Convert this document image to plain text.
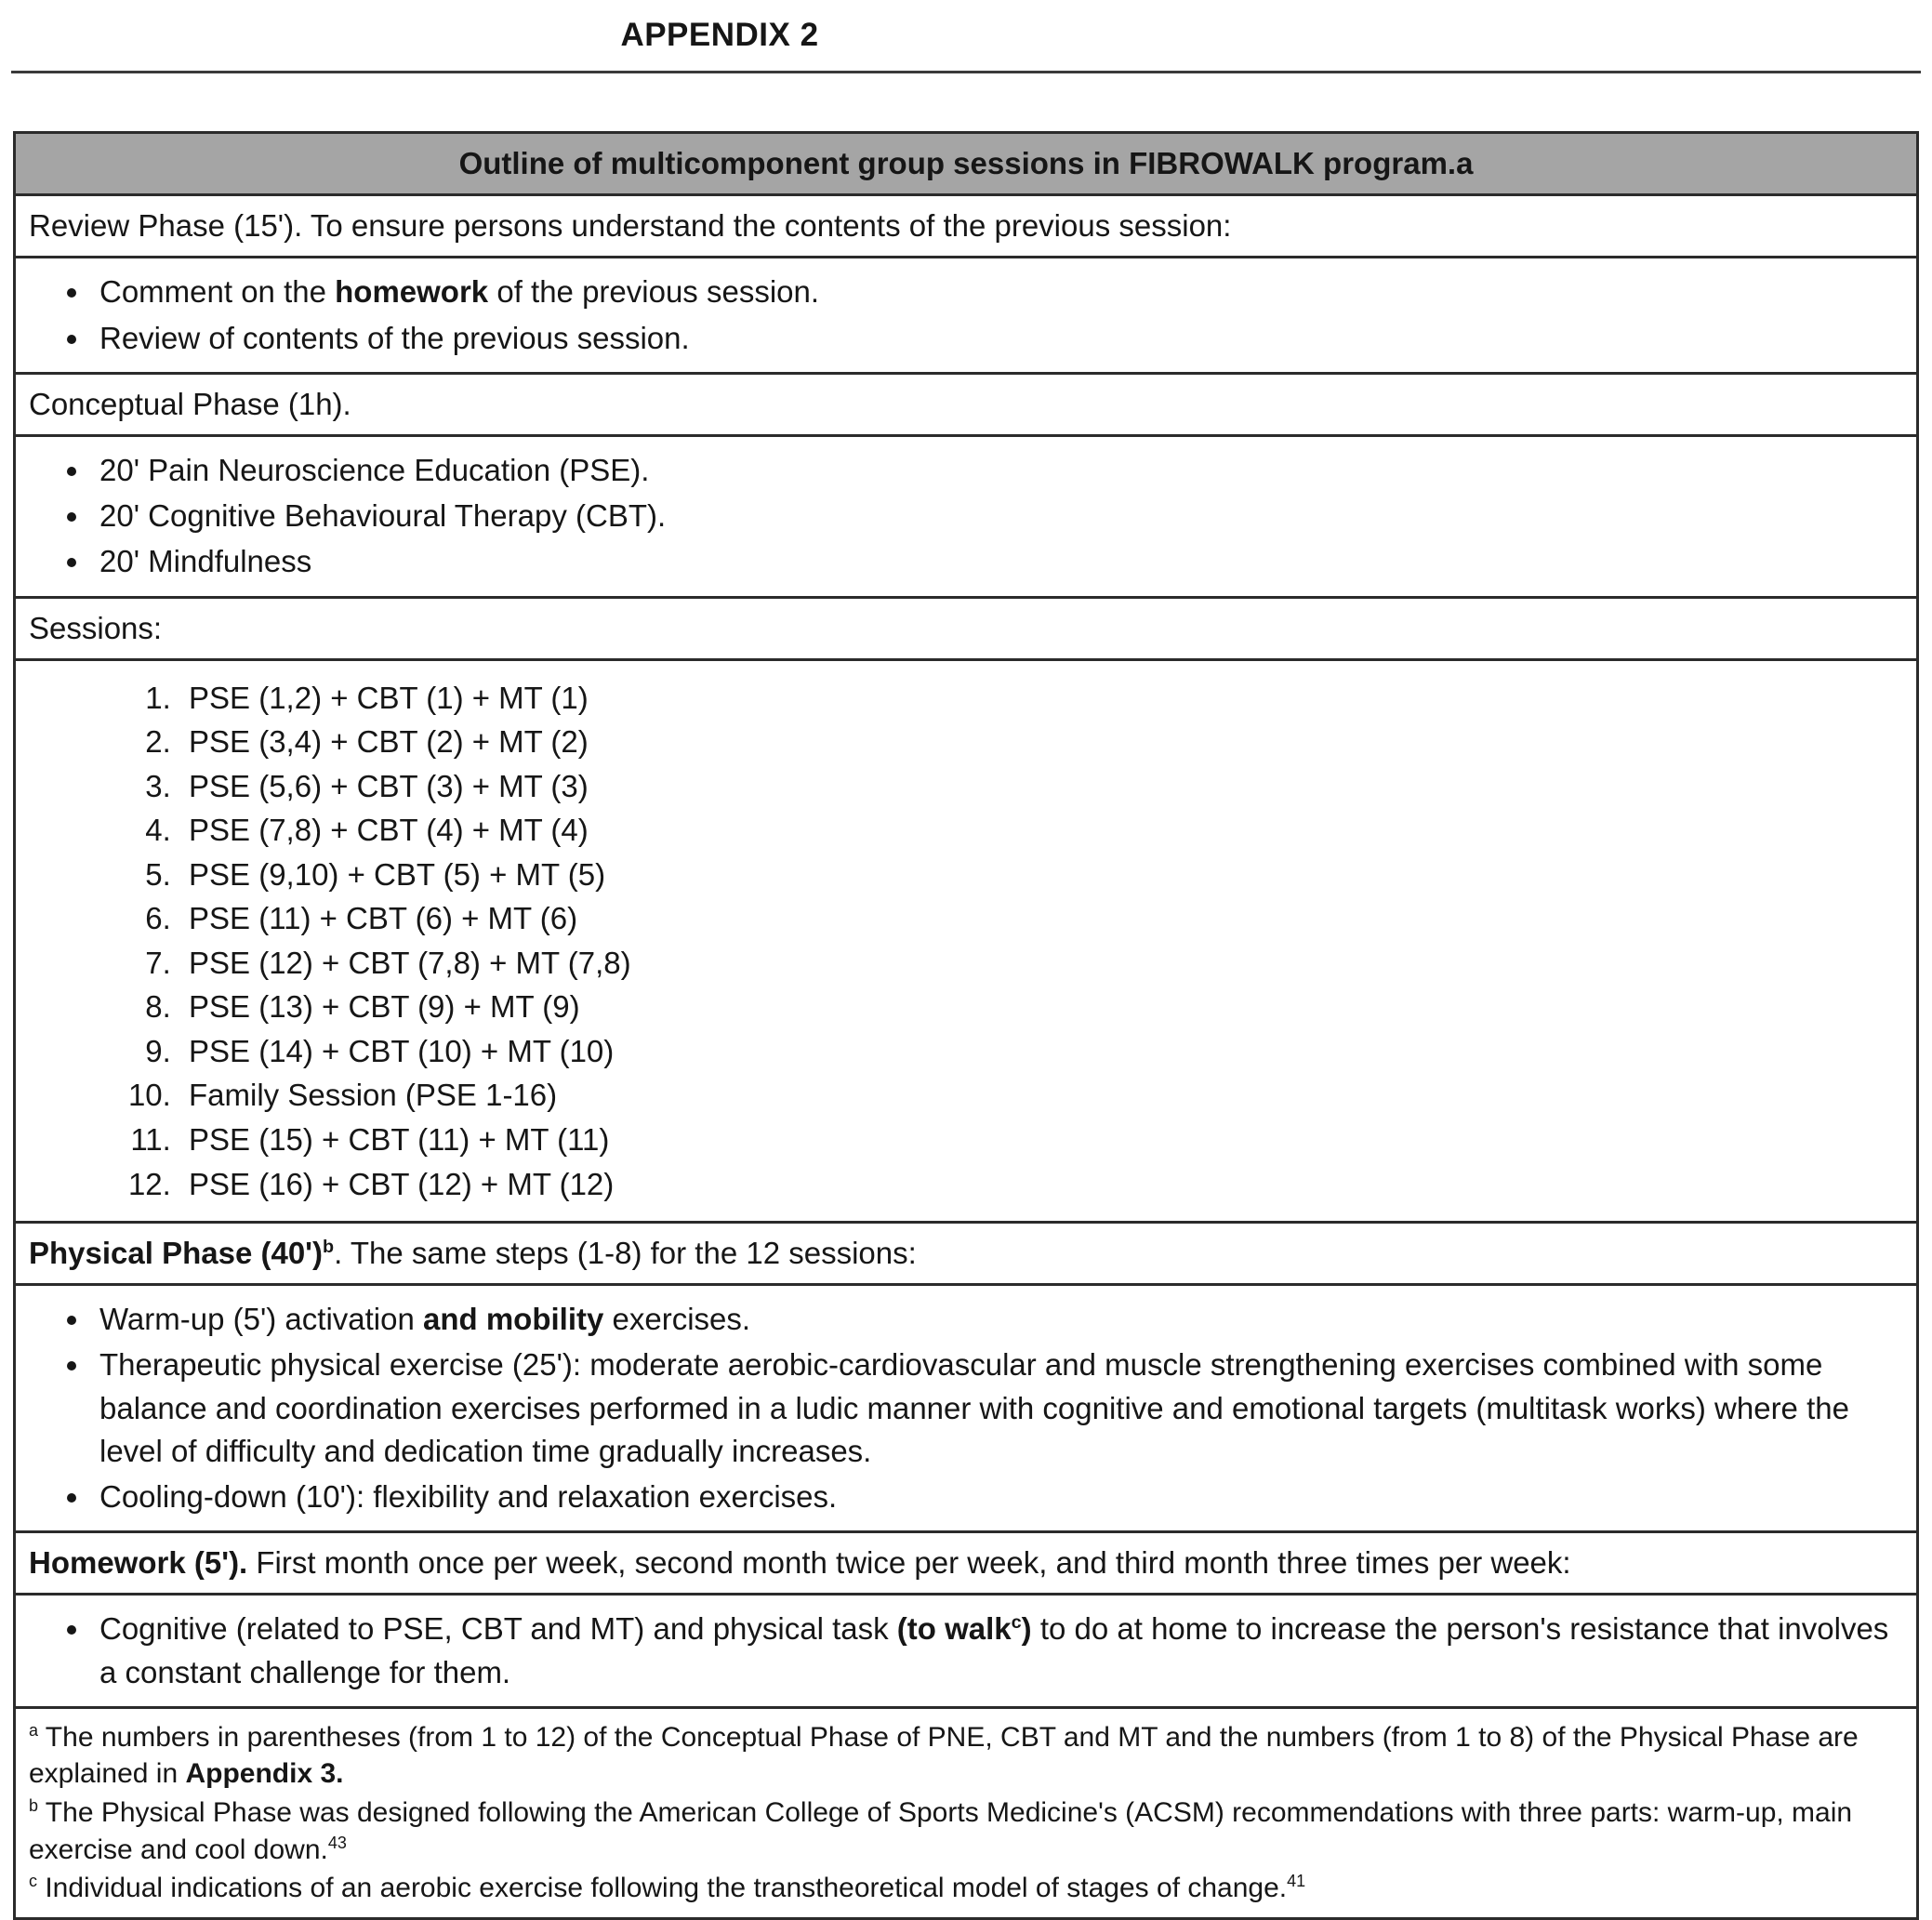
APPENDIX 2
Outline of multicomponent group sessions in FIBROWALK program.a
Review Phase (15'). To ensure persons understand the contents of the previous session:

• Comment on the homework of the previous session.
• Review of contents of the previous session.

Conceptual Phase (1h).

• 20' Pain Neuroscience Education (PSE).
• 20' Cognitive Behavioural Therapy (CBT).
• 20' Mindfulness

Sessions:

1. PSE (1,2) + CBT (1) + MT (1)
2. PSE (3,4) + CBT (2) + MT (2)
3. PSE (5,6) + CBT (3) + MT (3)
4. PSE (7,8) + CBT (4) + MT (4)
5. PSE (9,10) + CBT (5) + MT (5)
6. PSE (11) + CBT (6) + MT (6)
7. PSE (12) + CBT (7,8) + MT (7,8)
8. PSE (13) + CBT (9) + MT (9)
9. PSE (14) + CBT (10) + MT (10)
10. Family Session (PSE 1-16)
11. PSE (15) + CBT (11) + MT (11)
12. PSE (16) + CBT (12) + MT (12)

Physical Phase $(40')^b$. The same steps (1-8) for the 12 sessions:

• Warm-up (5') activation and mobility exercises.
• Therapeutic physical exercise (25'): moderate aerobic-cardiovascular and muscle strengthening exercises combined with some balance and coordination exercises performed in a ludic manner with cognitive and emotional targets (multitask works) where the level of difficulty and dedication time gradually increases.
• Cooling-down (10'): flexibility and relaxation exercises.

Homework (5'). First month once per week, second month twice per week, and third month three times per week:

• Cognitive (related to PSE, CBT and MT) and physical task (to walk$^c$) to do at home to increase the person's resistance that involves a constant challenge for them.

$^a$ The numbers in parentheses (from 1 to 12) of the Conceptual Phase of PNE, CBT and MT and the numbers (from 1 to 8) of the Physical Phase are explained in Appendix 3.
$^b$ The Physical Phase was designed following the American College of Sports Medicine's (ACSM) recommendations with three parts: warm-up, main exercise and cool down.$^{43}$
$^c$ Individual indications of an aerobic exercise following the transtheoretical model of stages of change.$^{41}$
